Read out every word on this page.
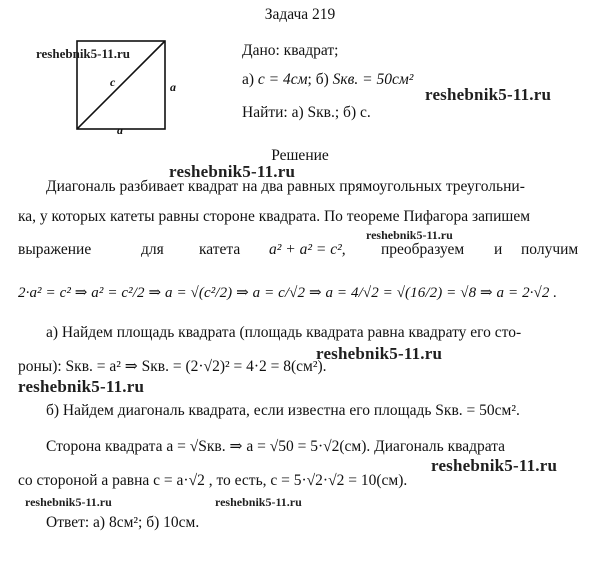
Задача 219
c	a
a
reshebnik5-11.ru
reshebnik5-11.ru
reshebnik5-11.ru
reshebnik5-11.ru
reshebnik5-11.ru
reshebnik5-11.ru
reshebnik5-11.ru
reshebnik5-11.ru	reshebnik5-11.ru
Дано: квадрат;
а) c = 4см; б) Sкв. = 50см²
Найти: а) Sкв.; б) c.
Решение
Диагональ разбивает квадрат на два равных прямоугольных треугольни-
ка, у которых катеты равны стороне квадрата. По теореме Пифагора запишем
выражение	для катета a² + a² = c², преобразуем и получим
2·a² = c² ⇒ a² = c²/2 ⇒ a = √(c²/2) ⇒ a = c/√2 ⇒ a = 4/√2 = √(16/2) = √8 ⇒ a = 2·√2 .
а) Найдем площадь квадрата (площадь квадрата равна квадрату его сто-
роны): Sкв. = a² ⇒ Sкв. = (2·√2)² = 4·2 = 8(см²).
б) Найдем диагональ квадрата, если известна его площадь Sкв. = 50см².
Сторона квадрата a = √Sкв. ⇒ a = √50 = 5·√2(см). Диагональ квадрата
со стороной a равна c = a·√2 , то есть, c = 5·√2·√2 = 10(см).
Ответ: а) 8см²; б) 10см.
